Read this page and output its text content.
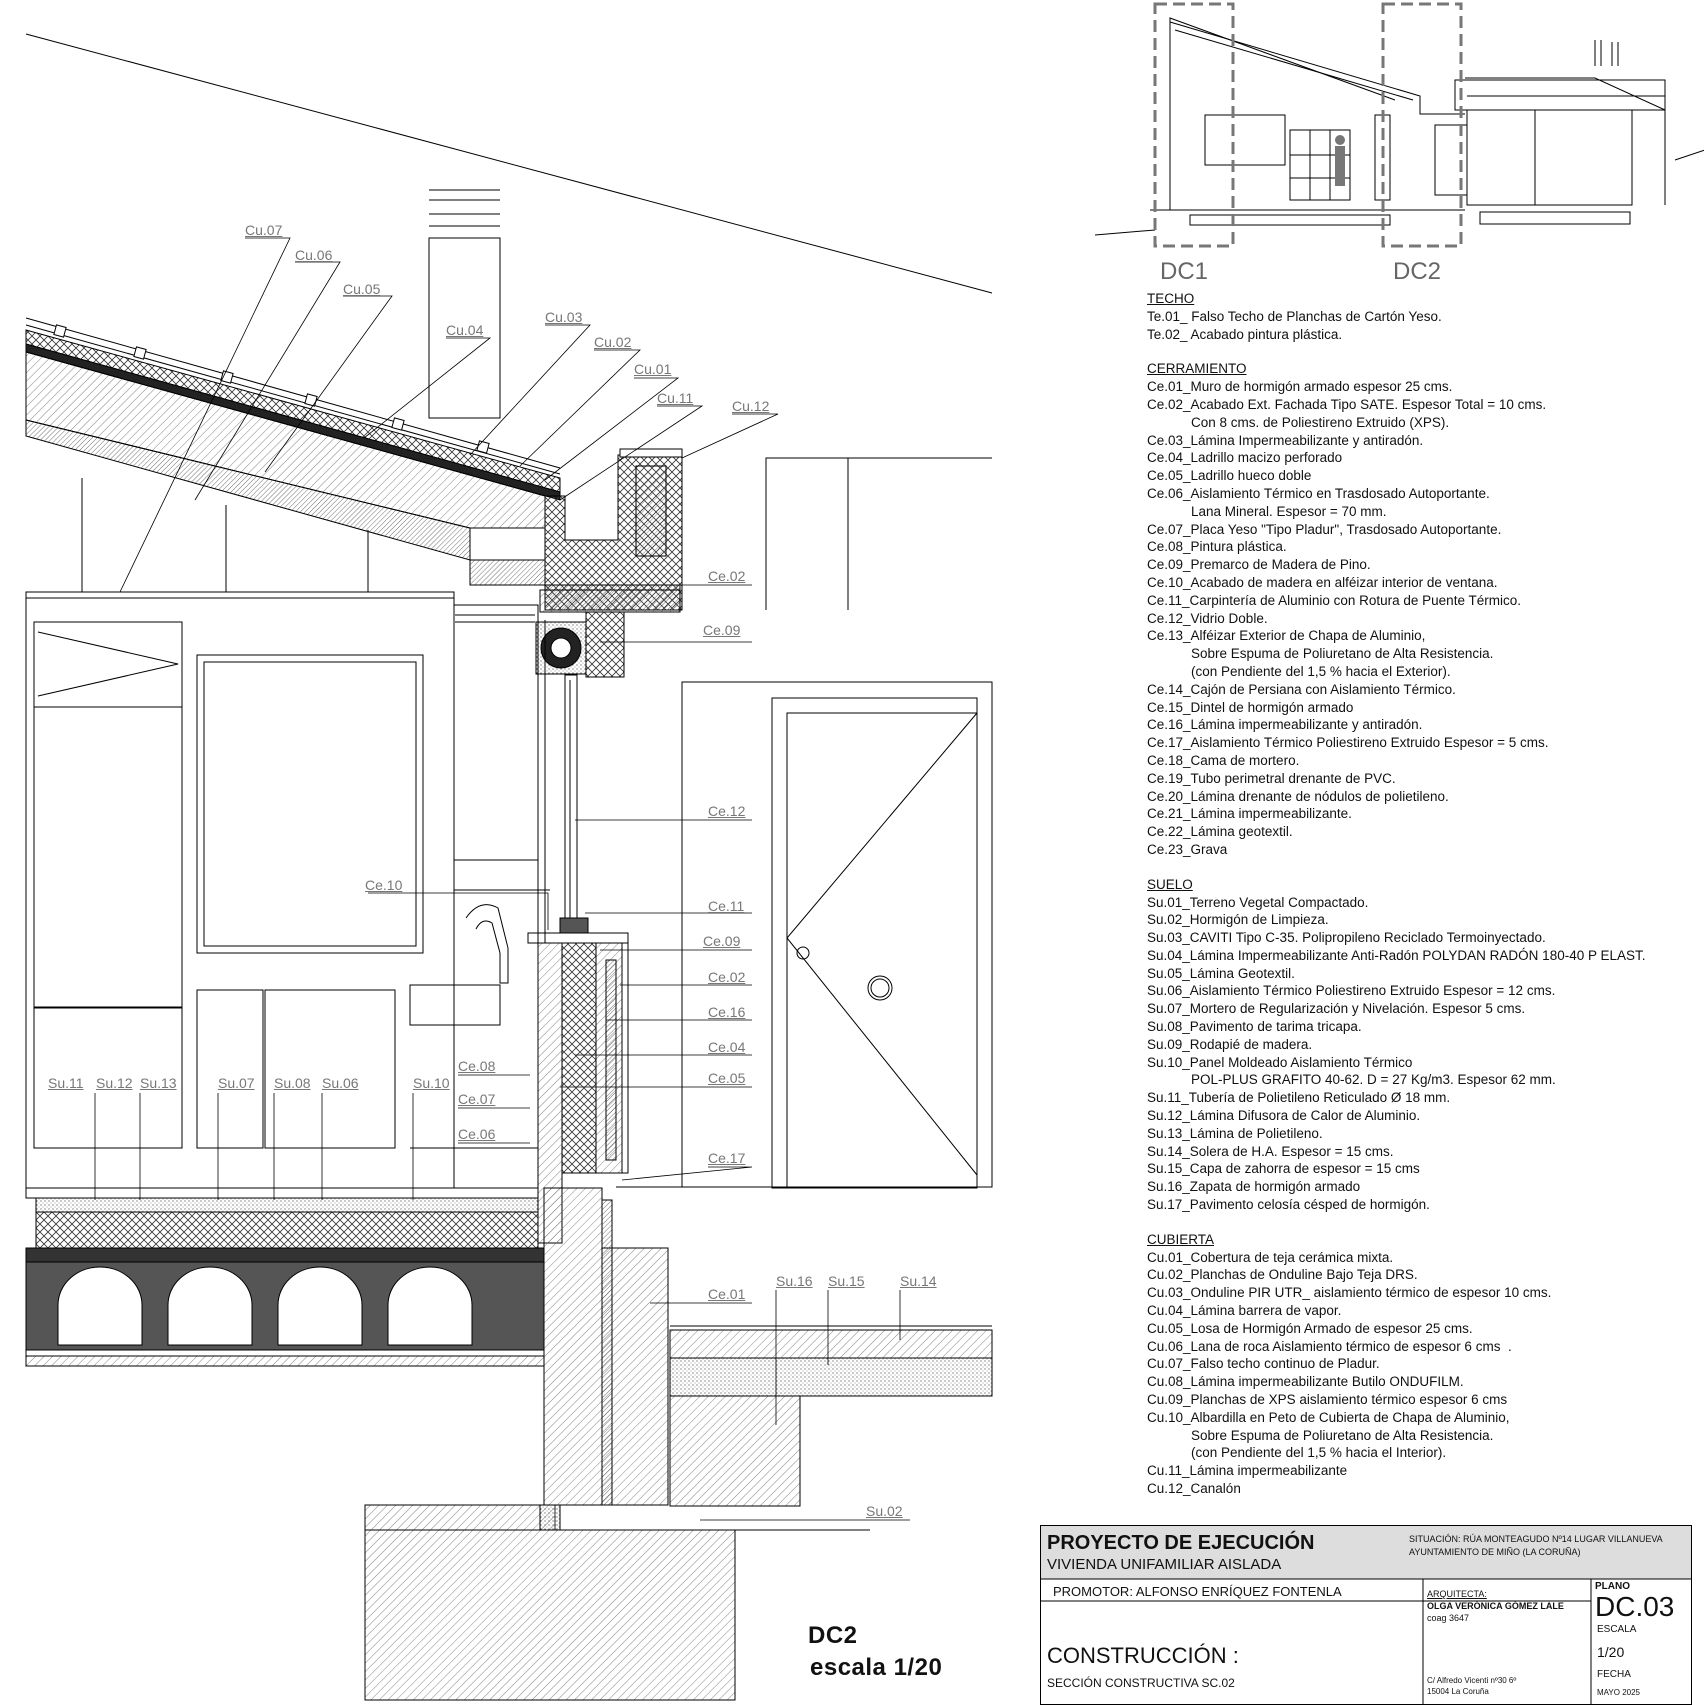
Cu.07
Cu.06
Cu.05
Cu.04
Cu.03
Cu.02
Cu.01
Cu.11	Cu.12
Ce.02
Ce.09
Ce.12
Ce.10
Ce.11
Ce.09
Ce.02
Ce.16
Ce.04
Ce.05
Ce.08
Ce.07
Ce.06
Ce.17
Ce.01
Su.11 Su.12 Su.13	Su.07 Su.08 Su.06	Su.10
Su.16 Su.15	Su.14
Su.02
DC2
escala 1/20
DC1	DC2
TECHO
Te.01_ Falso Techo de Planchas de Cartón Yeso.
Te.02_ Acabado pintura plástica.
CERRAMIENTO
Ce.01_Muro de hormigón armado espesor 25 cms.
Ce.02_Acabado Ext. Fachada Tipo SATE. Espesor Total = 10 cms.
Con 8 cms. de Poliestireno Extruido (XPS).
Ce.03_Lámina Impermeabilizante y antiradón.
Ce.04_Ladrillo macizo perforado
Ce.05_Ladrillo hueco doble
Ce.06_Aislamiento Térmico en Trasdosado Autoportante.
Lana Mineral. Espesor = 70 mm.
Ce.07_Placa Yeso "Tipo Pladur", Trasdosado Autoportante.
Ce.08_Pintura plástica.
Ce.09_Premarco de Madera de Pino.
Ce.10_Acabado de madera en alféizar interior de ventana.
Ce.11_Carpintería de Aluminio con Rotura de Puente Térmico.
Ce.12_Vidrio Doble.
Ce.13_Alféizar Exterior de Chapa de Aluminio,
Sobre Espuma de Poliuretano de Alta Resistencia.
(con Pendiente del 1,5 % hacia el Exterior).
Ce.14_Cajón de Persiana con Aislamiento Térmico.
Ce.15_Dintel de hormigón armado
Ce.16_Lámina impermeabilizante y antiradón.
Ce.17_Aislamiento Térmico Poliestireno Extruido Espesor = 5 cms.
Ce.18_Cama de mortero.
Ce.19_Tubo perimetral drenante de PVC.
Ce.20_Lámina drenante de nódulos de polietileno.
Ce.21_Lámina impermeabilizante.
Ce.22_Lámina geotextil.
Ce.23_Grava
SUELO
Su.01_Terreno Vegetal Compactado.
Su.02_Hormigón de Limpieza.
Su.03_CAVITI Tipo C-35. Polipropileno Reciclado Termoinyectado.
Su.04_Lámina Impermeabilizante Anti-Radón POLYDAN RADÓN 180-40 P ELAST.
Su.05_Lámina Geotextil.
Su.06_Aislamiento Térmico Poliestireno Extruido Espesor = 12 cms.
Su.07_Mortero de Regularización y Nivelación. Espesor 5 cms.
Su.08_Pavimento de tarima tricapa.
Su.09_Rodapié de madera.
Su.10_Panel Moldeado Aislamiento Térmico
POL-PLUS GRAFITO 40-62. D = 27 Kg/m3. Espesor 62 mm.
Su.11_Tubería de Polietileno Reticulado Ø 18 mm.
Su.12_Lámina Difusora de Calor de Aluminio.
Su.13_Lámina de Polietileno.
Su.14_Solera de H.A. Espesor = 15 cms.
Su.15_Capa de zahorra de espesor = 15 cms
Su.16_Zapata de hormigón armado
Su.17_Pavimento celosía césped de hormigón.
CUBIERTA
Cu.01_Cobertura de teja cerámica mixta.
Cu.02_Planchas de Onduline Bajo Teja DRS.
Cu.03_Onduline PIR UTR_ aislamiento térmico de espesor 10 cms.
Cu.04_Lámina barrera de vapor.
Cu.05_Losa de Hormigón Armado de espesor 25 cms.
Cu.06_Lana de roca Aislamiento térmico de espesor 6 cms  .
Cu.07_Falso techo continuo de Pladur.
Cu.08_Lámina impermeabilizante Butilo ONDUFILM.
Cu.09_Planchas de XPS aislamiento térmico espesor 6 cms
Cu.10_Albardilla en Peto de Cubierta de Chapa de Aluminio,
Sobre Espuma de Poliuretano de Alta Resistencia.
(con Pendiente del 1,5 % hacia el Interior).
Cu.11_Lámina impermeabilizante
Cu.12_Canalón
PROYECTO DE EJECUCIÓN
VIVIENDA UNIFAMILIAR AISLADA
SITUACIÓN: RÚA MONTEAGUDO Nº14 LUGAR VILLANUEVA
AYUNTAMIENTO DE MIÑO (LA CORUÑA)
PROMOTOR: ALFONSO ENRÍQUEZ FONTENLA	ARQUITECTA:
OLGA VERÓNICA GÓMEZ LALE
coag 3647
C/ Alfredo Vicenti nº30 6º
15004 La Coruña
CONSTRUCCIÓN :
SECCIÓN CONSTRUCTIVA SC.02
PLANO
DC.03
ESCALA
1/20
FECHA
MAYO 2025
